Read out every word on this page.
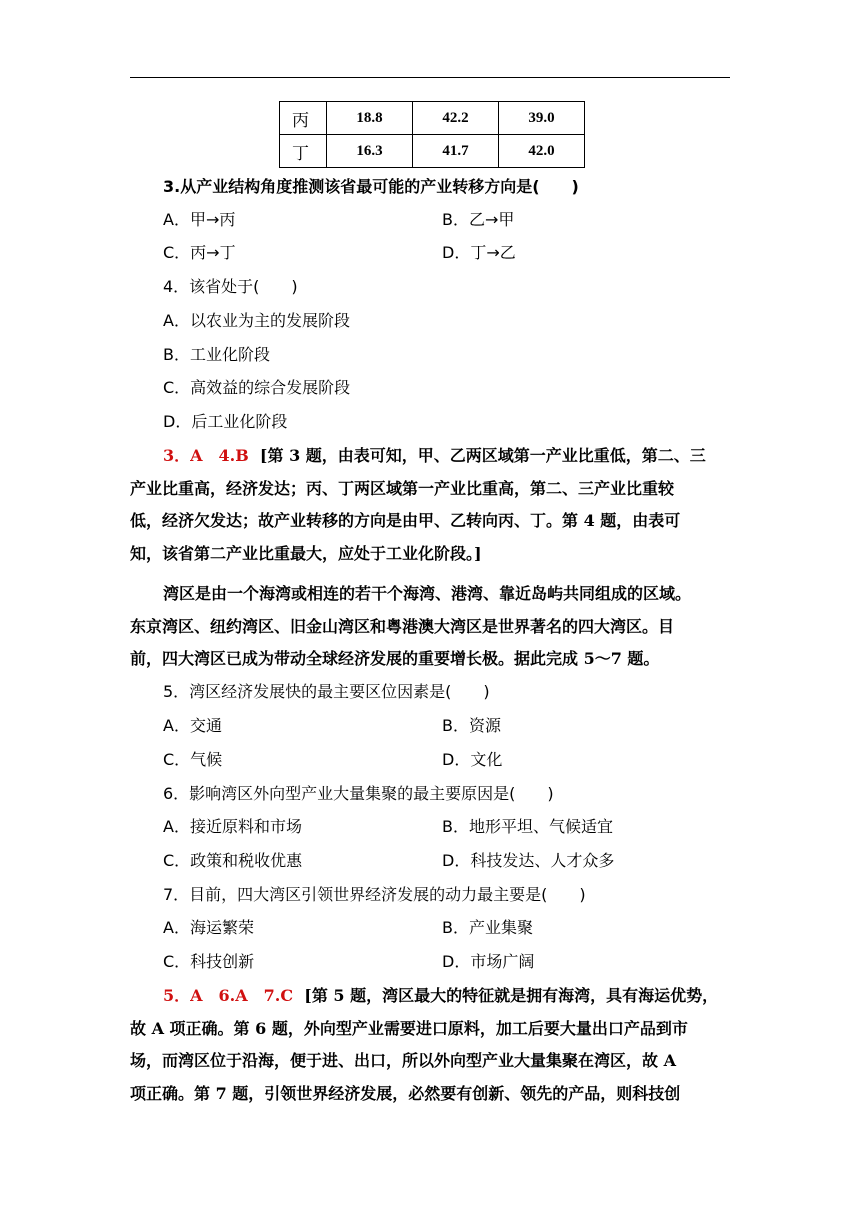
丙	18.8	42.2	39.0
丁	16.3	41.7	42.0
3.从产业结构角度推测该省最可能的产业转移方向是(　　)
A．甲→丙	B．乙→甲
C．丙→丁	D．丁→乙
4．该省处于(　　)
A．以农业为主的发展阶段
B．工业化阶段
C．高效益的综合发展阶段
D．后工业化阶段
3．A　4.B [第 3 题，由表可知，甲、乙两区域第一产业比重低，第二、三
产业比重高，经济发达；丙、丁两区域第一产业比重高，第二、三产业比重较
低，经济欠发达；故产业转移的方向是由甲、乙转向丙、丁。第 4 题，由表可
知，该省第二产业比重最大，应处于工业化阶段。]
湾区是由一个海湾或相连的若干个海湾、港湾、靠近岛屿共同组成的区域。
东京湾区、纽约湾区、旧金山湾区和粤港澳大湾区是世界著名的四大湾区。目
前，四大湾区已成为带动全球经济发展的重要增长极。据此完成 5～7 题。
5．湾区经济发展快的最主要区位因素是(　　)
A．交通	B．资源
C．气候	D．文化
6．影响湾区外向型产业大量集聚的最主要原因是(　　)
A．接近原料和市场	B．地形平坦、气候适宜
C．政策和税收优惠	D．科技发达、人才众多
7．目前，四大湾区引领世界经济发展的动力最主要是(　　)
A．海运繁荣	B．产业集聚
C．科技创新	D．市场广阔
5．A　6.A　7.C [第 5 题，湾区最大的特征就是拥有海湾，具有海运优势，
故 A 项正确。第 6 题，外向型产业需要进口原料，加工后要大量出口产品到市
场，而湾区位于沿海，便于进、出口，所以外向型产业大量集聚在湾区，故 A
项正确。第 7 题，引领世界经济发展，必然要有创新、领先的产品，则科技创
